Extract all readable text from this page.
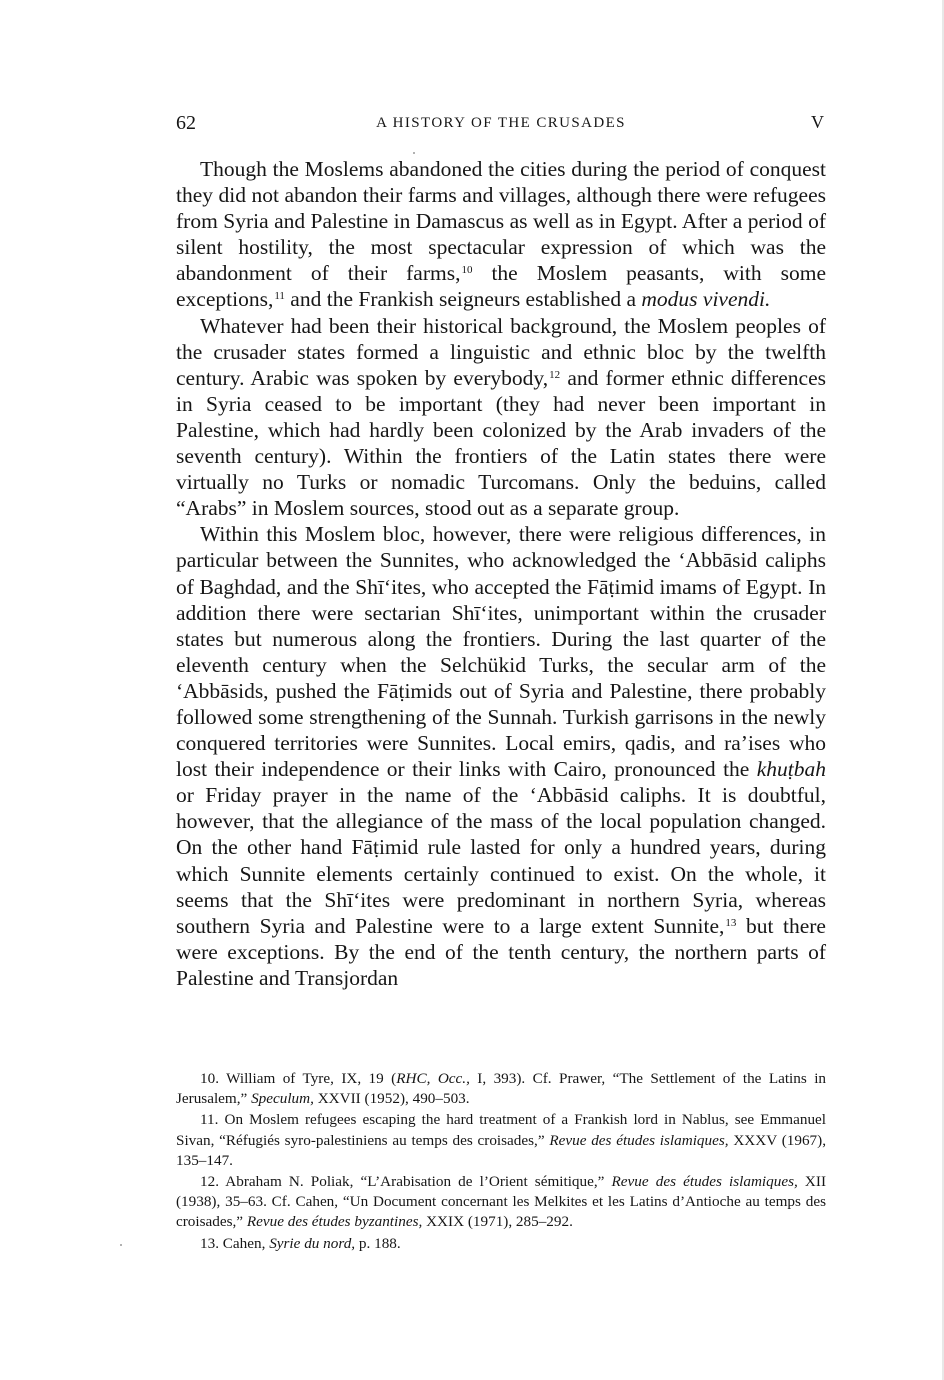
62	A HISTORY OF THE CRUSADES	V

Though the Moslems abandoned the cities during the period of conquest they did not abandon their farms and villages, although there were refugees from Syria and Palestine in Damascus as well as in Egypt. After a period of silent hostility, the most spectacular expression of which was the abandonment of their farms,$^{10}$ the Moslem peasants, with some exceptions,$^{11}$ and the Frankish seigneurs established a modus vivendi.

Whatever had been their historical background, the Moslem peoples of the crusader states formed a linguistic and ethnic bloc by the twelfth century. Arabic was spoken by everybody,$^{12}$ and former ethnic differences in Syria ceased to be important (they had never been important in Palestine, which had hardly been colonized by the Arab invaders of the seventh century). Within the frontiers of the Latin states there were virtually no Turks or nomadic Turcomans. Only the beduins, called “Arabs” in Moslem sources, stood out as a separate group.

Within this Moslem bloc, however, there were religious differences, in particular between the Sunnites, who acknowledged the ‘Abbāsid caliphs of Baghdad, and the Shī‘ites, who accepted the Fāṭimid imams of Egypt. In addition there were sectarian Shī‘ites, unimportant within the crusader states but numerous along the frontiers. During the last quarter of the eleventh century when the Selchükid Turks, the secular arm of the ‘Abbāsids, pushed the Fāṭimids out of Syria and Palestine, there probably followed some strengthening of the Sunnah. Turkish garrisons in the newly conquered territories were Sunnites. Local emirs, qadis, and ra’ises who lost their independence or their links with Cairo, pronounced the khuṭbah or Friday prayer in the name of the ‘Abbāsid caliphs. It is doubtful, however, that the allegiance of the mass of the local population changed. On the other hand Fāṭimid rule lasted for only a hundred years, during which Sunnite elements certainly continued to exist. On the whole, it seems that the Shī‘ites were predominant in northern Syria, whereas southern Syria and Palestine were to a large extent Sunnite,$^{13}$ but there were exceptions. By the end of the tenth century, the northern parts of Palestine and Transjordan

10. William of Tyre, IX, 19 (RHC, Occ., I, 393). Cf. Prawer, “The Settlement of the Latins in Jerusalem,” Speculum, XXVII (1952), 490–503.

11. On Moslem refugees escaping the hard treatment of a Frankish lord in Nablus, see Emmanuel Sivan, “Réfugiés syro-palestiniens au temps des croisades,” Revue des études islamiques, XXXV (1967), 135–147.

12. Abraham N. Poliak, “L’Arabisation de l’Orient sémitique,” Revue des études islamiques, XII (1938), 35–63. Cf. Cahen, “Un Document concernant les Melkites et les Latins d’Antioche au temps des croisades,” Revue des études byzantines, XXIX (1971), 285–292.

13. Cahen, Syrie du nord, p. 188.
